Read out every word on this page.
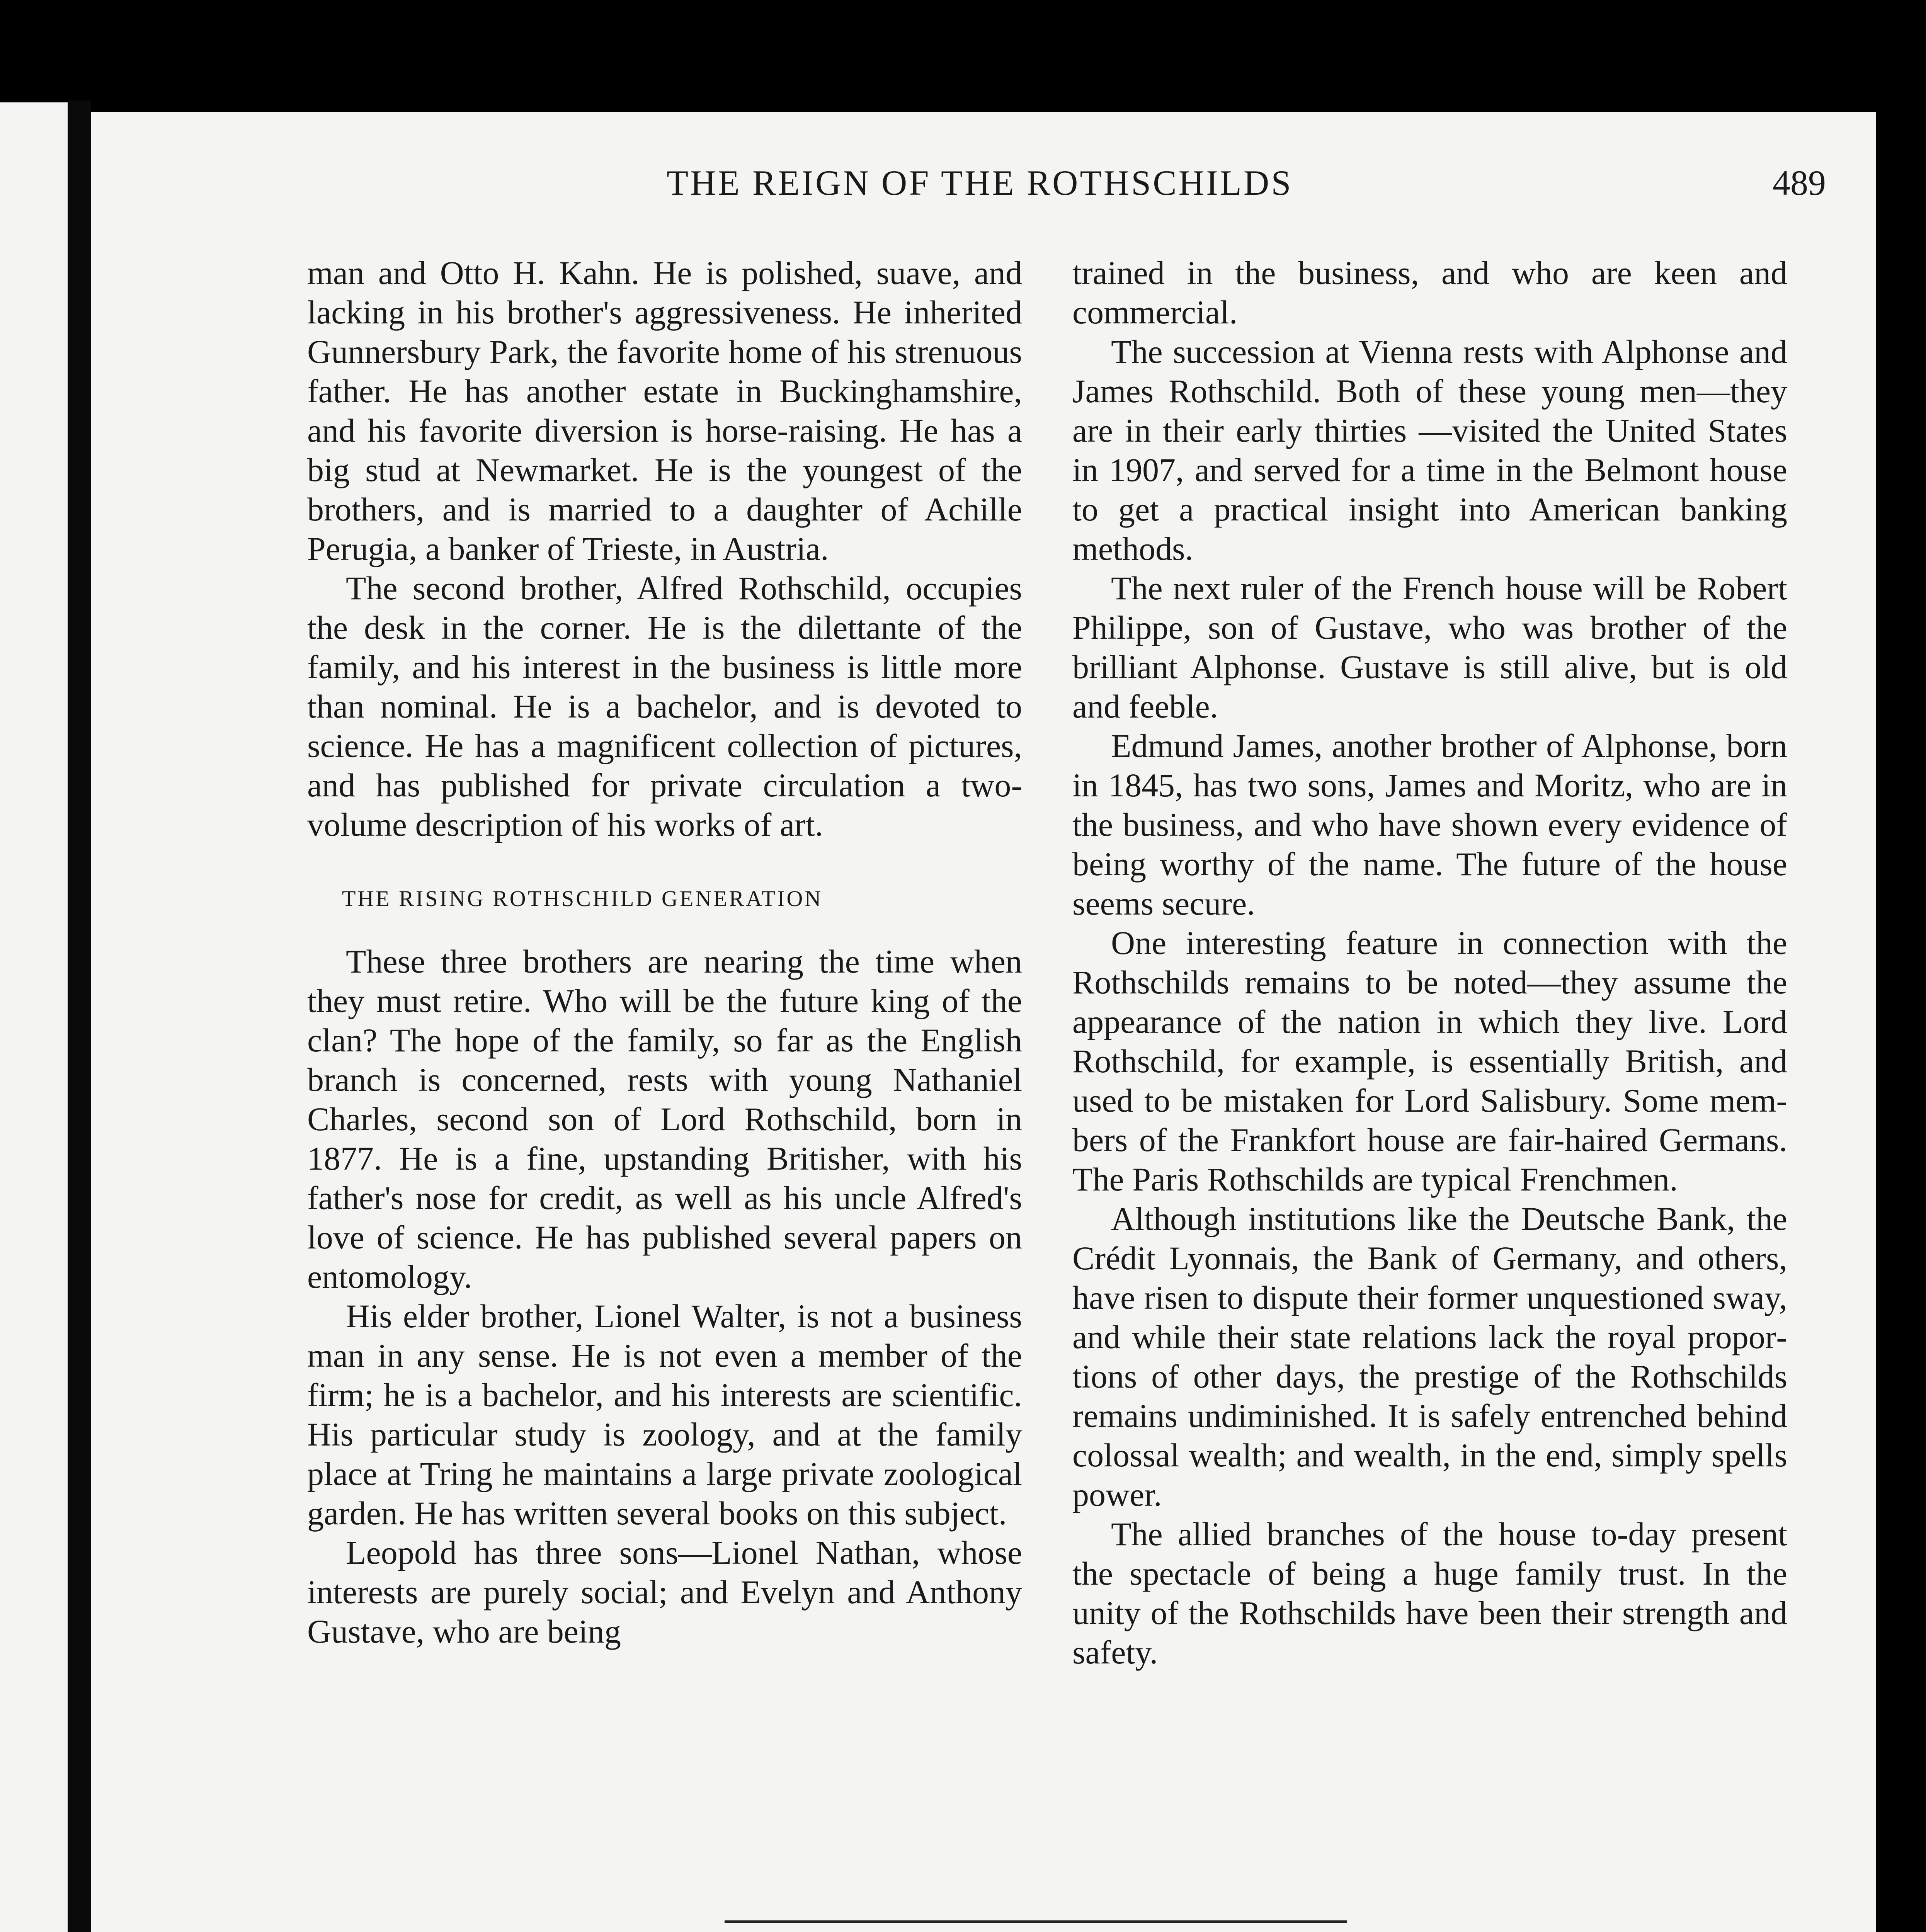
THE REIGN OF THE ROTHSCHILDS	489

man and Otto H. Kahn. He is polished, suave, and lacking in his brother's aggressiveness. He inherited Gunnersbury Park, the favorite home of his strenuous father. He has another estate in Buckinghamshire, and his favorite diversion is horse-raising. He has a big stud at Newmarket. He is the youngest of the brothers, and is married to a daughter of Achille Perugia, a banker of Trieste, in Austria.

The second brother, Alfred Rothschild, occupies the desk in the corner. He is the dilettante of the family, and his interest in the business is little more than nominal. He is a bachelor, and is devoted to science. He has a magnificent collection of pictures, and has published for private circulation a two-volume description of his works of art.

THE RISING ROTHSCHILD GENERATION

These three brothers are nearing the time when they must retire. Who will be the future king of the clan? The hope of the family, so far as the English branch is concerned, rests with young Nathaniel Charles, second son of Lord Rothschild, born in 1877. He is a fine, upstanding Britisher, with his father's nose for credit, as well as his uncle Alfred's love of science. He has published several papers on entomology.

His elder brother, Lionel Walter, is not a business man in any sense. He is not even a member of the firm; he is a bachelor, and his interests are scientific. His particular study is zoology, and at the family place at Tring he maintains a large private zoological garden. He has written several books on this subject.

Leopold has three sons—Lionel Nathan, whose interests are purely social; and Evelyn and Anthony Gustave, who are being

trained in the business, and who are keen and commercial.

The succession at Vienna rests with Alphonse and James Rothschild. Both of these young men—they are in their early thirties —visited the United States in 1907, and served for a time in the Belmont house to get a practical insight into American banking methods.

The next ruler of the French house will be Robert Philippe, son of Gustave, who was brother of the brilliant Alphonse. Gustave is still alive, but is old and feeble.

Edmund James, another brother of Alphonse, born in 1845, has two sons, James and Moritz, who are in the business, and who have shown every evidence of being worthy of the name. The future of the house seems secure.

One interesting feature in connection with the Rothschilds remains to be noted—they assume the appearance of the nation in which they live. Lord Rothschild, for example, is essentially British, and used to be mistaken for Lord Salisbury. Some members of the Frankfort house are fair-haired Germans. The Paris Rothschilds are typical Frenchmen.

Although institutions like the Deutsche Bank, the Crédit Lyonnais, the Bank of Germany, and others, have risen to dispute their former unquestioned sway, and while their state relations lack the royal proportions of other days, the prestige of the Rothschilds remains undiminished. It is safely entrenched behind colossal wealth; and wealth, in the end, simply spells power.

The allied branches of the house to-day present the spectacle of being a huge family trust. In the unity of the Rothschilds have been their strength and safety.
